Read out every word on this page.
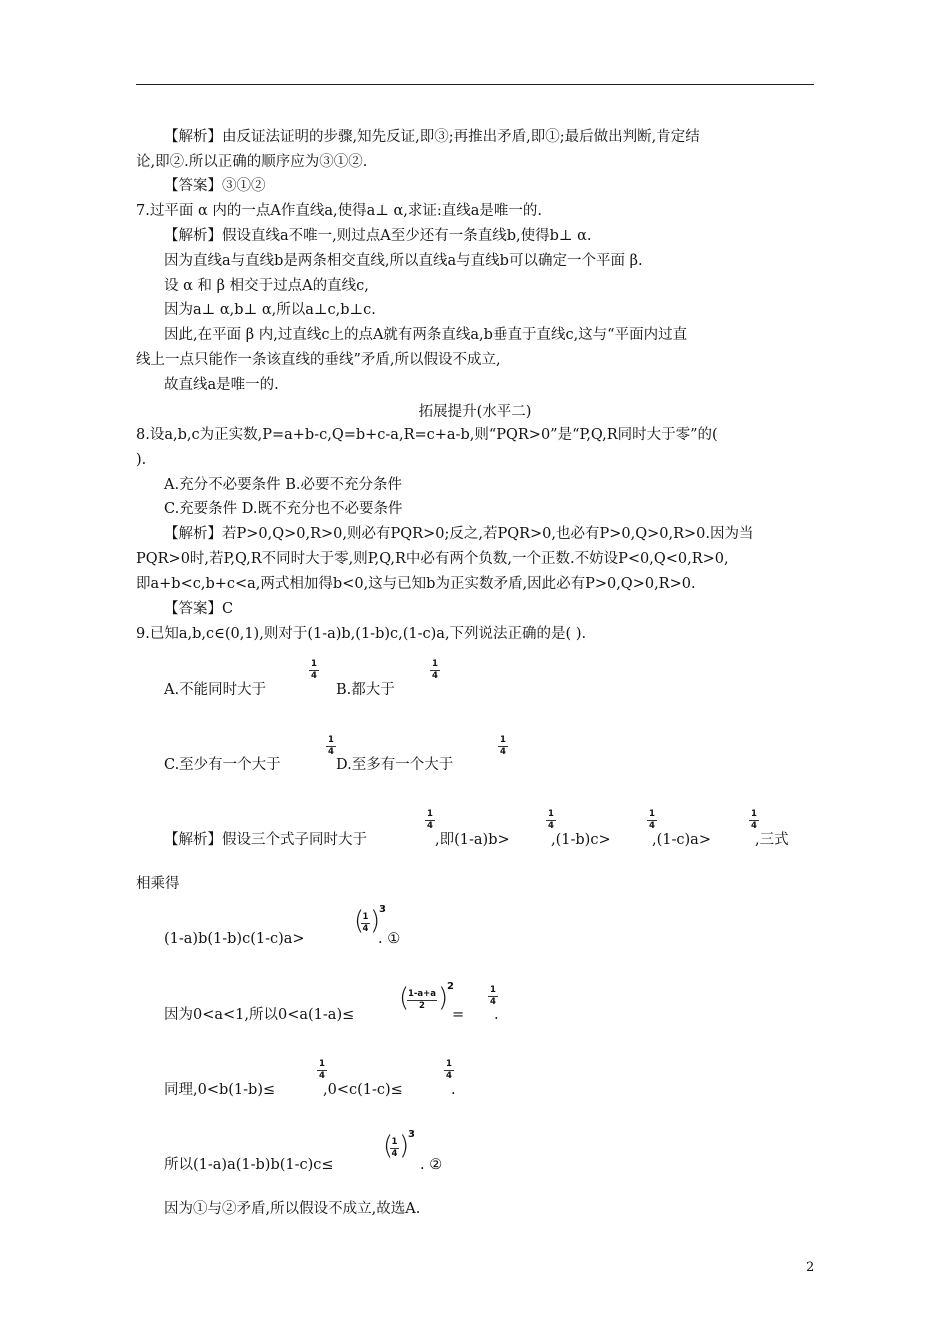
【解析】由反证法证明的步骤,知先反证,即③;再推出矛盾,即①;最后做出判断,肯定结
论,即②.所以正确的顺序应为③①②.
【答案】③①②
7.过平面 α 内的一点A作直线a,使得a⊥ α,求证:直线a是唯一的.
【解析】假设直线a不唯一,则过点A至少还有一条直线b,使得b⊥ α.
因为直线a与直线b是两条相交直线,所以直线a与直线b可以确定一个平面 β.
设 α 和 β 相交于过点A的直线c,
因为a⊥ α,b⊥ α,所以a⊥c,b⊥c.
因此,在平面 β 内,过直线c上的点A就有两条直线a,b垂直于直线c,这与“平面内过直
线上一点只能作一条该直线的垂线”矛盾,所以假设不成立,
故直线a是唯一的.
拓展提升(水平二)
8.设a,b,c为正实数,P=a+b-c,Q=b+c-a,R=c+a-b,则“PQR>0”是“P,Q,R同时大于零”的(
).
A.充分不必要条件 B.必要不充分条件
C.充要条件 D.既不充分也不必要条件
【解析】若P>0,Q>0,R>0,则必有PQR>0;反之,若PQR>0,也必有P>0,Q>0,R>0.因为当
PQR>0时,若P,Q,R不同时大于零,则P,Q,R中必有两个负数,一个正数.不妨设P<0,Q<0,R>0,
即a+b<c,b+c<a,两式相加得b<0,这与已知b为正实数矛盾,因此必有P>0,Q>0,R>0.
【答案】C
9.已知a,b,c∈(0,1),则对于(1-a)b,(1-b)c,(1-c)a,下列说法正确的是( ).
A.不能同时大于
1
4
B.都大于
1
4
C.至少有一个大于
1
4
D.至多有一个大于
1
4
【解析】假设三个式子同时大于
1
4
,即(1-a)b>
1
4
,(1-b)c>
1
4
,(1-c)a>
1
4
,三式
相乘得
(1-a)b(1-b)c(1-c)a>
(
1
4 )
3
. ①
因为0<a<1,所以0<a(1-a)≤
(
1-a+a
2 )
2
=
1
4
.
同理,0<b(1-b)≤
1
4
,0<c(1-c)≤
1
4
.
所以(1-a)a(1-b)b(1-c)c≤
(
1
4 )
3
. ②
因为①与②矛盾,所以假设不成立,故选A.
2
